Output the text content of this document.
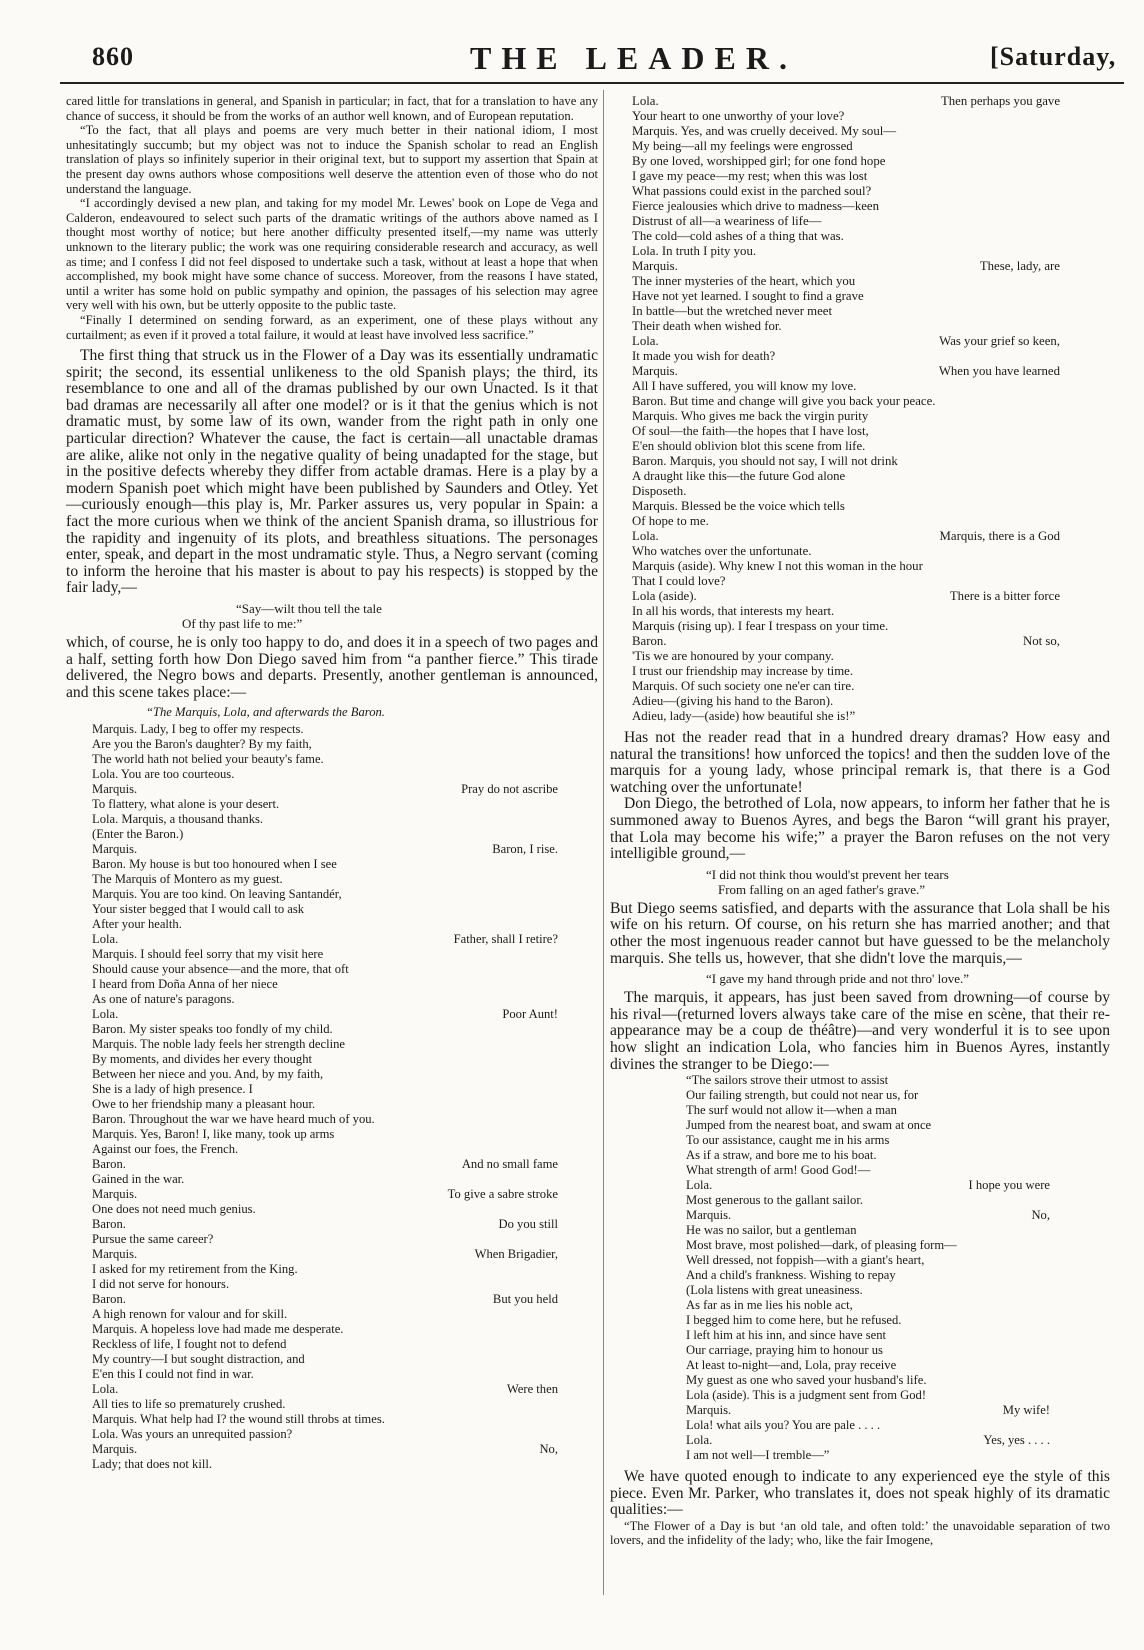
860	THE LEADER.	[Saturday,

cared little for translations in general, and Spanish in particular; in fact, that for a translation to have any chance of success, it should be from the works of an author well known, and of European reputation.

“To the fact, that all plays and poems are very much better in their national idiom, I most unhesitatingly succumb; but my object was not to induce the Spanish scholar to read an English translation of plays so infinitely superior in their original text, but to support my assertion that Spain at the present day owns authors whose compositions well deserve the attention even of those who do not understand the language.

“I accordingly devised a new plan, and taking for my model Mr. Lewes' book on Lope de Vega and Calderon, endeavoured to select such parts of the dramatic writings of the authors above named as I thought most worthy of notice; but here another difficulty presented itself,—my name was utterly unknown to the literary public; the work was one requiring considerable research and accuracy, as well as time; and I confess I did not feel disposed to undertake such a task, without at least a hope that when accomplished, my book might have some chance of success. Moreover, from the reasons I have stated, until a writer has some hold on public sympathy and opinion, the passages of his selection may agree very well with his own, but be utterly opposite to the public taste.

“Finally I determined on sending forward, as an experiment, one of these plays without any curtailment; as even if it proved a total failure, it would at least have involved less sacrifice.”

The first thing that struck us in the Flower of a Day was its essentially undramatic spirit; the second, its essential unlikeness to the old Spanish plays; the third, its resemblance to one and all of the dramas published by our own Unacted. Is it that bad dramas are necessarily all after one model? or is it that the genius which is not dramatic must, by some law of its own, wander from the right path in only one particular direction? Whatever the cause, the fact is certain—all unactable dramas are alike, alike not only in the negative quality of being unadapted for the stage, but in the positive defects whereby they differ from actable dramas. Here is a play by a modern Spanish poet which might have been published by Saunders and Otley. Yet—curiously enough—this play is, Mr. Parker assures us, very popular in Spain: a fact the more curious when we think of the ancient Spanish drama, so illustrious for the rapidity and ingenuity of its plots, and breathless situations. The personages enter, speak, and depart in the most undramatic style. Thus, a Negro servant (coming to inform the heroine that his master is about to pay his respects) is stopped by the fair lady,—

“Say—wilt thou tell the tale
Of thy past life to me:”

which, of course, he is only too happy to do, and does it in a speech of two pages and a half, setting forth how Don Diego saved him from “a panther fierce.” This tirade delivered, the Negro bows and departs. Presently, another gentleman is announced, and this scene takes place:—

“The Marquis, Lola, and afterwards the Baron.
Marquis. Lady, I beg to offer my respects.
Are you the Baron's daughter? By my faith,
The world hath not belied your beauty's fame.
Lola. You are too courteous.
Marquis.	Pray do not ascribe
To flattery, what alone is your desert.
Lola. Marquis, a thousand thanks.
(Enter the Baron.)
Marquis.	Baron, I rise.
Baron. My house is but too honoured when I see
The Marquis of Montero as my guest.
Marquis. You are too kind. On leaving Santandér,
Your sister begged that I would call to ask
After your health.
Lola.	Father, shall I retire?
Marquis. I should feel sorry that my visit here
Should cause your absence—and the more, that oft
I heard from Doña Anna of her niece
As one of nature's paragons.
Lola.	Poor Aunt!
Baron. My sister speaks too fondly of my child.
Marquis. The noble lady feels her strength decline
By moments, and divides her every thought
Between her niece and you. And, by my faith,
She is a lady of high presence. I
Owe to her friendship many a pleasant hour.
Baron. Throughout the war we have heard much of you.
Marquis. Yes, Baron! I, like many, took up arms
Against our foes, the French.
Baron.	And no small fame
Gained in the war.
Marquis.	To give a sabre stroke
One does not need much genius.
Baron.	Do you still
Pursue the same career?
Marquis.	When Brigadier,
I asked for my retirement from the King.
I did not serve for honours.
Baron.	But you held
A high renown for valour and for skill.
Marquis. A hopeless love had made me desperate.
Reckless of life, I fought not to defend
My country—I but sought distraction, and
E'en this I could not find in war.
Lola.	Were then
All ties to life so prematurely crushed.
Marquis. What help had I? the wound still throbs at times.
Lola. Was yours an unrequited passion?
Marquis.	No,
Lady; that does not kill.
Lola.	Then perhaps you gave
Your heart to one unworthy of your love?
Marquis. Yes, and was cruelly deceived. My soul—
My being—all my feelings were engrossed
By one loved, worshipped girl; for one fond hope
I gave my peace—my rest; when this was lost
What passions could exist in the parched soul?
Fierce jealousies which drive to madness—keen
Distrust of all—a weariness of life—
The cold—cold ashes of a thing that was.
Lola. In truth I pity you.
Marquis.	These, lady, are
The inner mysteries of the heart, which you
Have not yet learned. I sought to find a grave
In battle—but the wretched never meet
Their death when wished for.
Lola.	Was your grief so keen,
It made you wish for death?
Marquis.	When you have learned
All I have suffered, you will know my love.
Baron. But time and change will give you back your peace.
Marquis. Who gives me back the virgin purity
Of soul—the faith—the hopes that I have lost,
E'en should oblivion blot this scene from life.
Baron. Marquis, you should not say, I will not drink
A draught like this—the future God alone
Disposeth.
Marquis. Blessed be the voice which tells
Of hope to me.
Lola.	Marquis, there is a God
Who watches over the unfortunate.
Marquis (aside). Why knew I not this woman in the hour
That I could love?
Lola (aside).	There is a bitter force
In all his words, that interests my heart.
Marquis (rising up). I fear I trespass on your time.
Baron.	Not so,
'Tis we are honoured by your company.
I trust our friendship may increase by time.
Marquis. Of such society one ne'er can tire.
Adieu—(giving his hand to the Baron).
Adieu, lady—(aside) how beautiful she is!”

Has not the reader read that in a hundred dreary dramas? How easy and natural the transitions! how unforced the topics! and then the sudden love of the marquis for a young lady, whose principal remark is, that there is a God watching over the unfortunate!

Don Diego, the betrothed of Lola, now appears, to inform her father that he is summoned away to Buenos Ayres, and begs the Baron “will grant his prayer, that Lola may become his wife;” a prayer the Baron refuses on the not very intelligible ground,—

“I did not think thou would'st prevent her tears
From falling on an aged father's grave.”

But Diego seems satisfied, and departs with the assurance that Lola shall be his wife on his return. Of course, on his return she has married another; and that other the most ingenuous reader cannot but have guessed to be the melancholy marquis. She tells us, however, that she didn't love the marquis,—

“I gave my hand through pride and not thro' love.”

The marquis, it appears, has just been saved from drowning—of course by his rival—(returned lovers always take care of the mise en scène, that their re-appearance may be a coup de théâtre)—and very wonderful it is to see upon how slight an indication Lola, who fancies him in Buenos Ayres, instantly divines the stranger to be Diego:—

“The sailors strove their utmost to assist
Our failing strength, but could not near us, for
The surf would not allow it—when a man
Jumped from the nearest boat, and swam at once
To our assistance, caught me in his arms
As if a straw, and bore me to his boat.
What strength of arm! Good God!—
Lola.	I hope you were
Most generous to the gallant sailor.
Marquis.	No,
He was no sailor, but a gentleman
Most brave, most polished—dark, of pleasing form—
Well dressed, not foppish—with a giant's heart,
And a child's frankness. Wishing to repay
(Lola listens with great uneasiness.
As far as in me lies his noble act,
I begged him to come here, but he refused.
I left him at his inn, and since have sent
Our carriage, praying him to honour us
At least to-night—and, Lola, pray receive
My guest as one who saved your husband's life.
Lola (aside). This is a judgment sent from God!
Marquis.	My wife!
Lola! what ails you? You are pale . . . .
Lola.	Yes, yes . . . .
I am not well—I tremble—”

We have quoted enough to indicate to any experienced eye the style of this piece. Even Mr. Parker, who translates it, does not speak highly of its dramatic qualities:—

“The Flower of a Day is but ‘an old tale, and often told:’ the unavoidable separation of two lovers, and the infidelity of the lady; who, like the fair Imogene,
